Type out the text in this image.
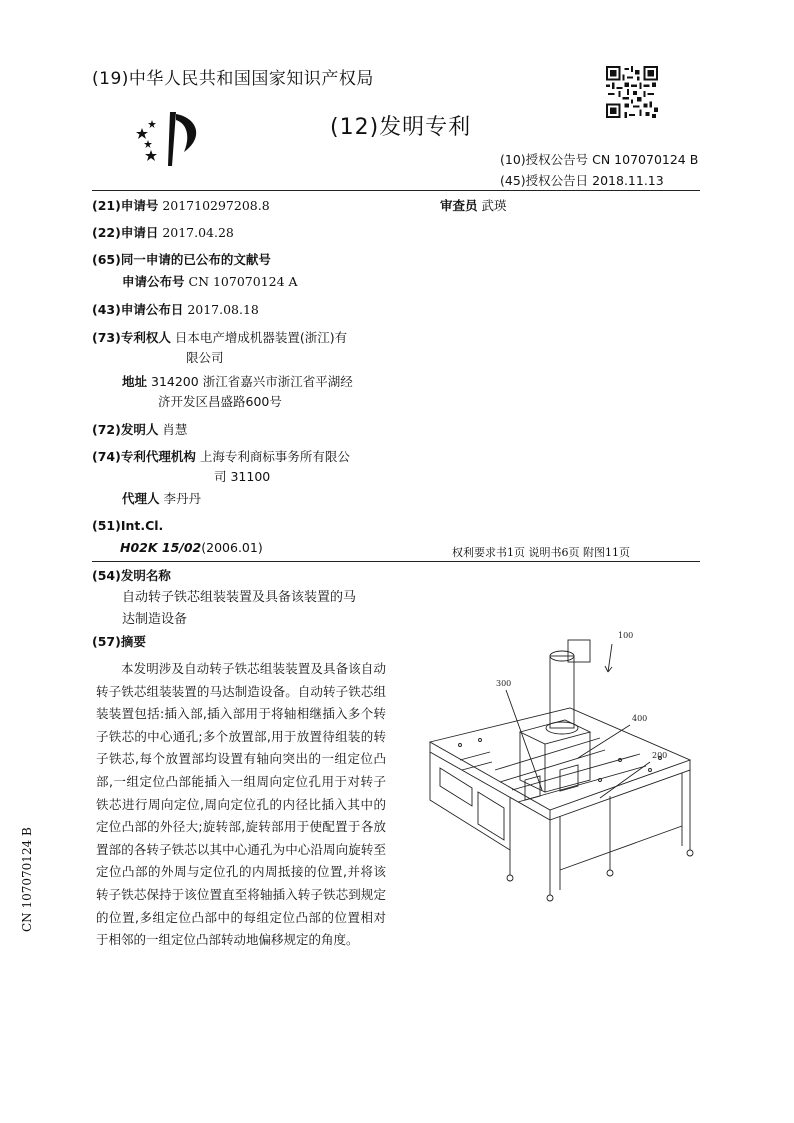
(19)中华人民共和国国家知识产权局
(12)发明专利
(10)授权公告号 CN 107070124 B
(45)授权公告日 2018.11.13
(21)申请号 201710297208.8	审查员 武瑛
(22)申请日 2017.04.28
(65)同一申请的已公布的文献号
申请公布号 CN 107070124 A
(43)申请公布日 2017.08.18
(73)专利权人 日本电产增成机器装置(浙江)有
限公司
地址 314200 浙江省嘉兴市浙江省平湖经
济开发区昌盛路600号
(72)发明人 肖慧
(74)专利代理机构 上海专利商标事务所有限公
司 31100
代理人 李丹丹
(51)Int.Cl.
H02K 15/02(2006.01)	权利要求书1页 说明书6页 附图11页
(54)发明名称
自动转子铁芯组装装置及具备该装置的马
达制造设备
(57)摘要

本发明涉及自动转子铁芯组装装置及具备该自动转子铁芯组装装置的马达制造设备。自动转子铁芯组装装置包括:插入部,插入部用于将轴相继插入多个转子铁芯的中心通孔;多个放置部,用于放置待组装的转子铁芯,每个放置部均设置有轴向突出的一组定位凸部,一组定位凸部能插入一组周向定位孔用于对转子铁芯进行周向定位,周向定位孔的内径比插入其中的定位凸部的外径大;旋转部,旋转部用于使配置于各放置部的各转子铁芯以其中心通孔为中心沿周向旋转至定位凸部的外周与定位孔的内周抵接的位置,并将该转子铁芯保持于该位置直至将轴插入转子铁芯到规定的位置,多组定位凸部中的每组定位凸部的位置相对于相邻的一组定位凸部转动地偏移规定的角度。

100
300
400
200
CN 107070124 B
